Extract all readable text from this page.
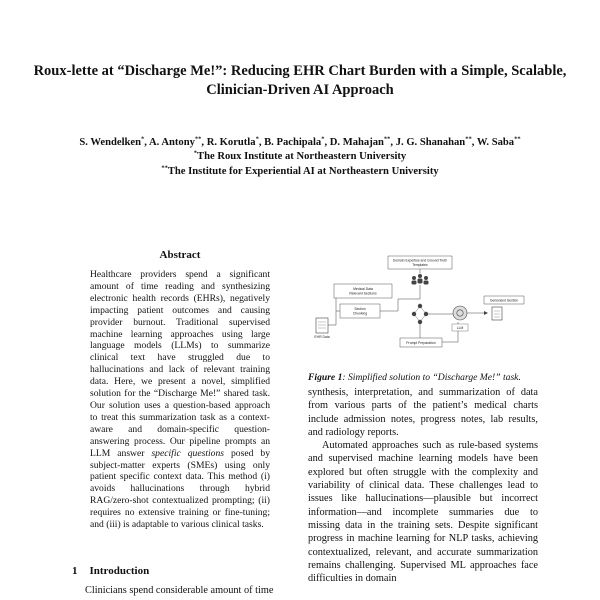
Roux-lette at “Discharge Me!”: Reducing EHR Chart Burden with a Simple, Scalable, Clinician-Driven AI Approach
S. Wendelken*, A. Antony**, R. Korutla*, B. Pachipala*, D. Mahajan**, J. G. Shanahan**, W. Saba**
*The Roux Institute at Northeastern University
**The Institute for Experiential AI at Northeastern University
Abstract
Healthcare providers spend a significant amount of time reading and synthesizing electronic health records (EHRs), negatively impacting patient outcomes and causing provider burnout. Traditional supervised machine learning approaches using large language models (LLMs) to summarize clinical text have struggled due to hallucinations and lack of relevant training data. Here, we present a novel, simplified solution for the “Discharge Me!” shared task. Our solution uses a question-based approach to treat this summarization task as a context-aware and domain-specific question-answering process. Our pipeline prompts an LLM answer specific questions posed by subject-matter experts (SMEs) using only patient specific context data. This method (i) avoids hallucinations through hybrid RAG/zero-shot contextualized prompting; (ii) requires no extensive training or fine-tuning; and (iii) is adaptable to various clinical tasks.
1 Introduction
Clinicians spend considerable amount of time
Domain Expertise and Ground Truth
Templates
Medical Data
Relevant Sections
Section
Chunking
EHR Data
Prompt Preparation
LLM
Generated Section
Figure 1: Simplified solution to “Discharge Me!” task.

synthesis, interpretation, and summarization of data from various parts of the patient’s medical charts include admission notes, progress notes, lab results, and radiology reports.

Automated approaches such as rule-based systems and supervised machine learning models have been explored but often struggle with the complexity and variability of clinical data. These challenges lead to issues like hallucinations—plausible but incorrect information—and incomplete summaries due to missing data in the training sets. Despite significant progress in machine learning for NLP tasks, achieving contextualized, relevant, and accurate summarization remains challenging. Supervised ML approaches face difficulties in domain
